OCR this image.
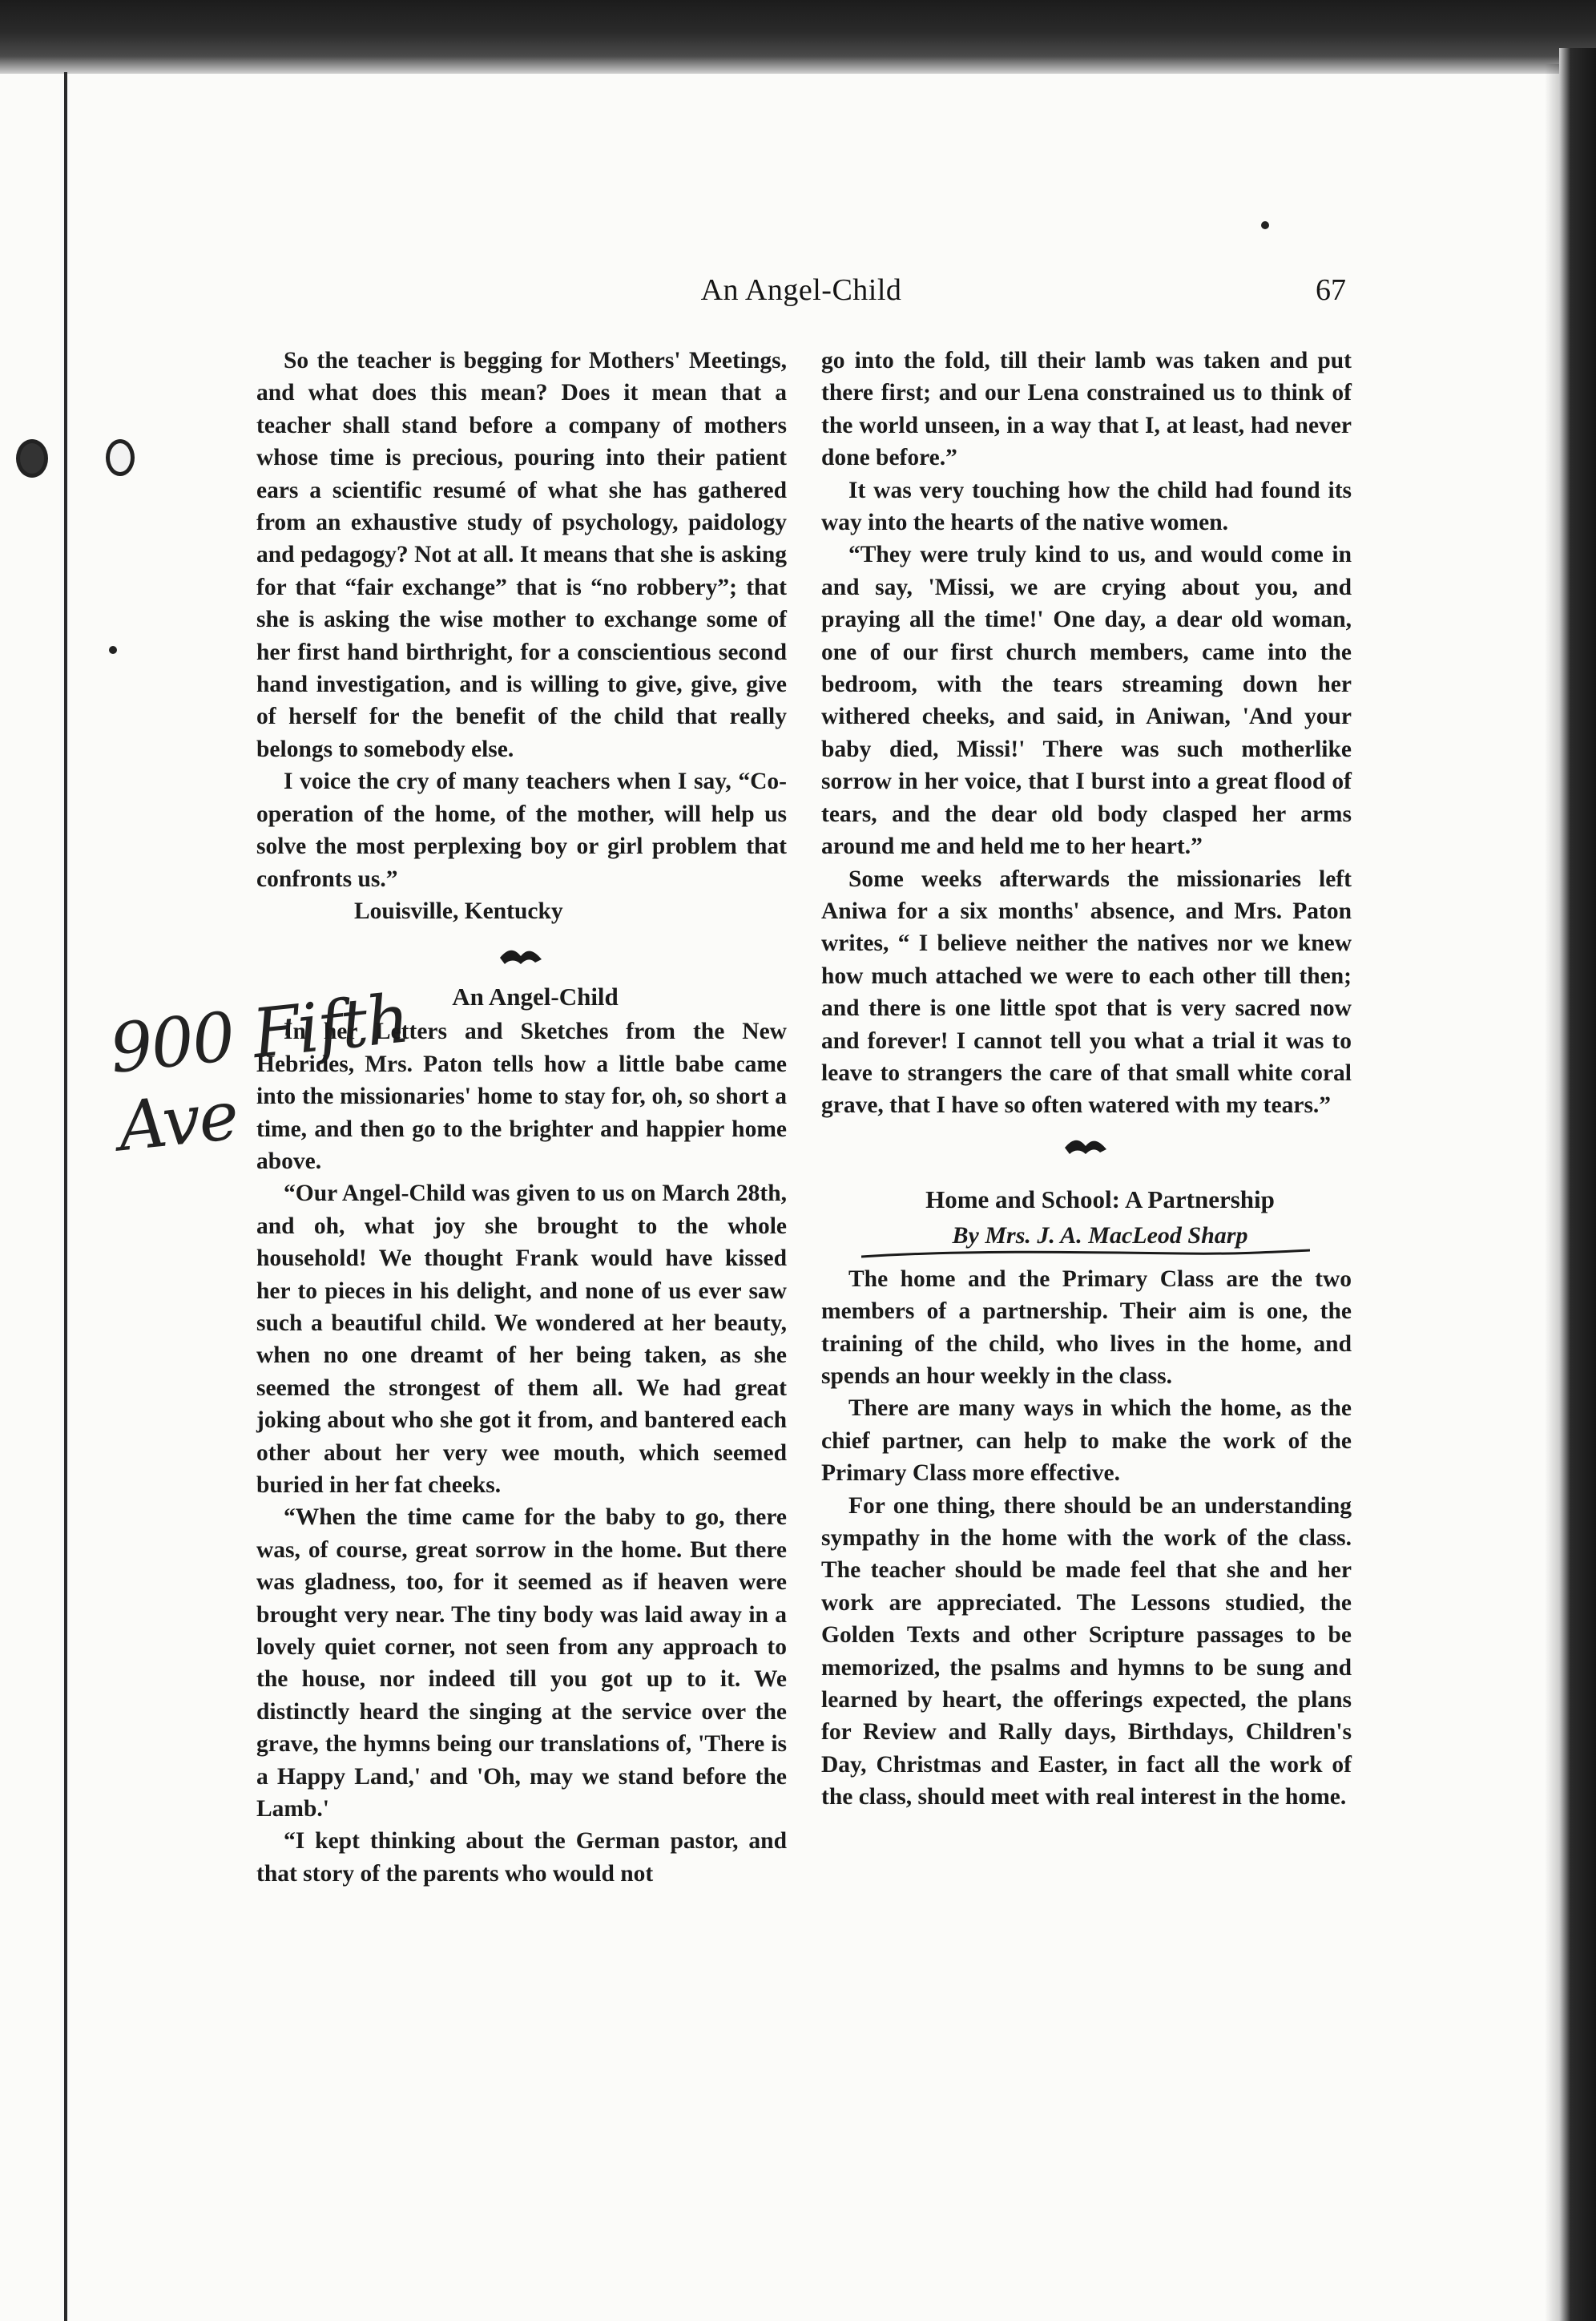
An Angel-Child	67
900 Fifth Ave

So the teacher is begging for Mothers' Meetings, and what does this mean? Does it mean that a teacher shall stand before a company of mothers whose time is precious, pouring into their patient ears a scientific resumé of what she has gathered from an exhaustive study of psychology, paidology and pedagogy? Not at all. It means that she is asking for that “fair exchange” that is “no robbery”; that she is asking the wise mother to exchange some of her first hand birthright, for a conscientious second hand investigation, and is willing to give, give, give of herself for the benefit of the child that really belongs to somebody else.

I voice the cry of many teachers when I say, “Co-operation of the home, of the mother, will help us solve the most perplexing boy or girl problem that confronts us.”

Louisville, Kentucky

An Angel-Child

In her Letters and Sketches from the New Hebrides, Mrs. Paton tells how a little babe came into the missionaries' home to stay for, oh, so short a time, and then go to the brighter and happier home above.

“Our Angel-Child was given to us on March 28th, and oh, what joy she brought to the whole household! We thought Frank would have kissed her to pieces in his delight, and none of us ever saw such a beautiful child. We wondered at her beauty, when no one dreamt of her being taken, as she seemed the strongest of them all. We had great joking about who she got it from, and bantered each other about her very wee mouth, which seemed buried in her fat cheeks.

“When the time came for the baby to go, there was, of course, great sorrow in the home. But there was gladness, too, for it seemed as if heaven were brought very near. The tiny body was laid away in a lovely quiet corner, not seen from any approach to the house, nor indeed till you got up to it. We distinctly heard the singing at the service over the grave, the hymns being our translations of, 'There is a Happy Land,' and 'Oh, may we stand before the Lamb.'

“I kept thinking about the German pastor, and that story of the parents who would not

go into the fold, till their lamb was taken and put there first; and our Lena constrained us to think of the world unseen, in a way that I, at least, had never done before.”

It was very touching how the child had found its way into the hearts of the native women.

“They were truly kind to us, and would come in and say, 'Missi, we are crying about you, and praying all the time!' One day, a dear old woman, one of our first church members, came into the bedroom, with the tears streaming down her withered cheeks, and said, in Aniwan, 'And your baby died, Missi!' There was such motherlike sorrow in her voice, that I burst into a great flood of tears, and the dear old body clasped her arms around me and held me to her heart.”

Some weeks afterwards the missionaries left Aniwa for a six months' absence, and Mrs. Paton writes, “ I believe neither the natives nor we knew how much attached we were to each other till then; and there is one little spot that is very sacred now and forever! I cannot tell you what a trial it was to leave to strangers the care of that small white coral grave, that I have so often watered with my tears.”

Home and School: A Partnership

By Mrs. J. A. MacLeod Sharp

The home and the Primary Class are the two members of a partnership. Their aim is one, the training of the child, who lives in the home, and spends an hour weekly in the class.

There are many ways in which the home, as the chief partner, can help to make the work of the Primary Class more effective.

For one thing, there should be an understanding sympathy in the home with the work of the class. The teacher should be made feel that she and her work are appreciated. The Lessons studied, the Golden Texts and other Scripture passages to be memorized, the psalms and hymns to be sung and learned by heart, the offerings expected, the plans for Review and Rally days, Birthdays, Children's Day, Christmas and Easter, in fact all the work of the class, should meet with real interest in the home.
